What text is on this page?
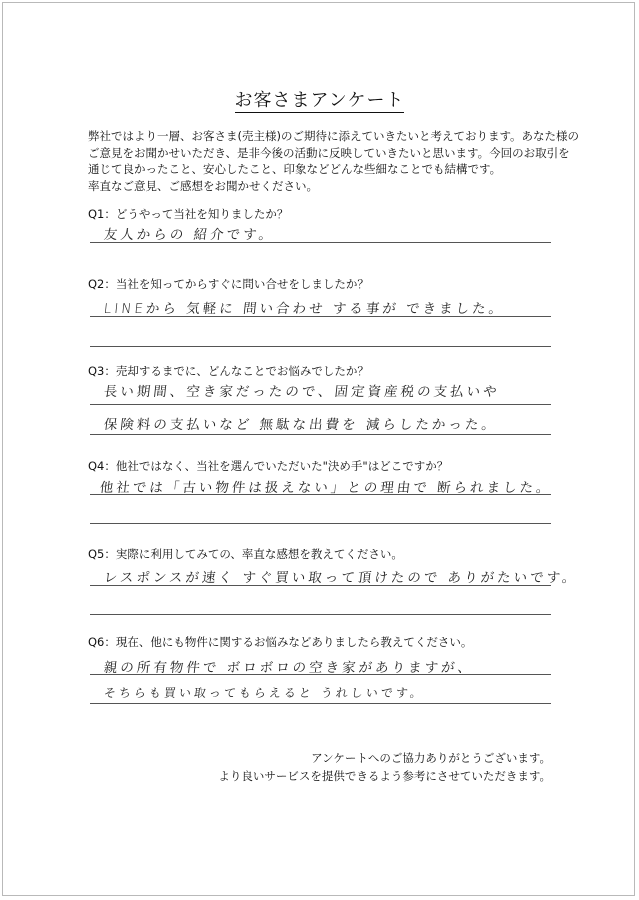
お客さまアンケート
弊社ではより一層、お客さま(売主様)のご期待に添えていきたいと考えております。あなた様の
ご意見をお聞かせいただき、是非今後の活動に反映していきたいと思います。今回のお取引を
通じて良かったこと、安心したこと、印象などどんな些細なことでも結構です。
率直なご意見、ご感想をお聞かせください。
Q1：どうやって当社を知りましたか？
友人からの 紹介です。
Q2：当社を知ってからすぐに問い合せをしましたか？
LINEから 気軽に 問い合わせ する事が できました。
Q3：売却するまでに、どんなことでお悩みでしたか？
長い期間、空き家だったので、固定資産税の支払いや
保険料の支払いなど 無駄な出費を 減らしたかった。
Q4：他社ではなく、当社を選んでいただいた"決め手"はどこですか？
他社では「古い物件は扱えない」との理由で 断られました。
Q5：実際に利用してみての、率直な感想を教えてください。
レスポンスが速く すぐ買い取って頂けたので ありがたいです。
Q6：現在、他にも物件に関するお悩みなどありましたら教えてください。
親の所有物件で ボロボロの空き家がありますが、
そちらも買い取ってもらえると うれしいです。
アンケートへのご協力ありがとうございます。
より良いサービスを提供できるよう参考にさせていただきます。
